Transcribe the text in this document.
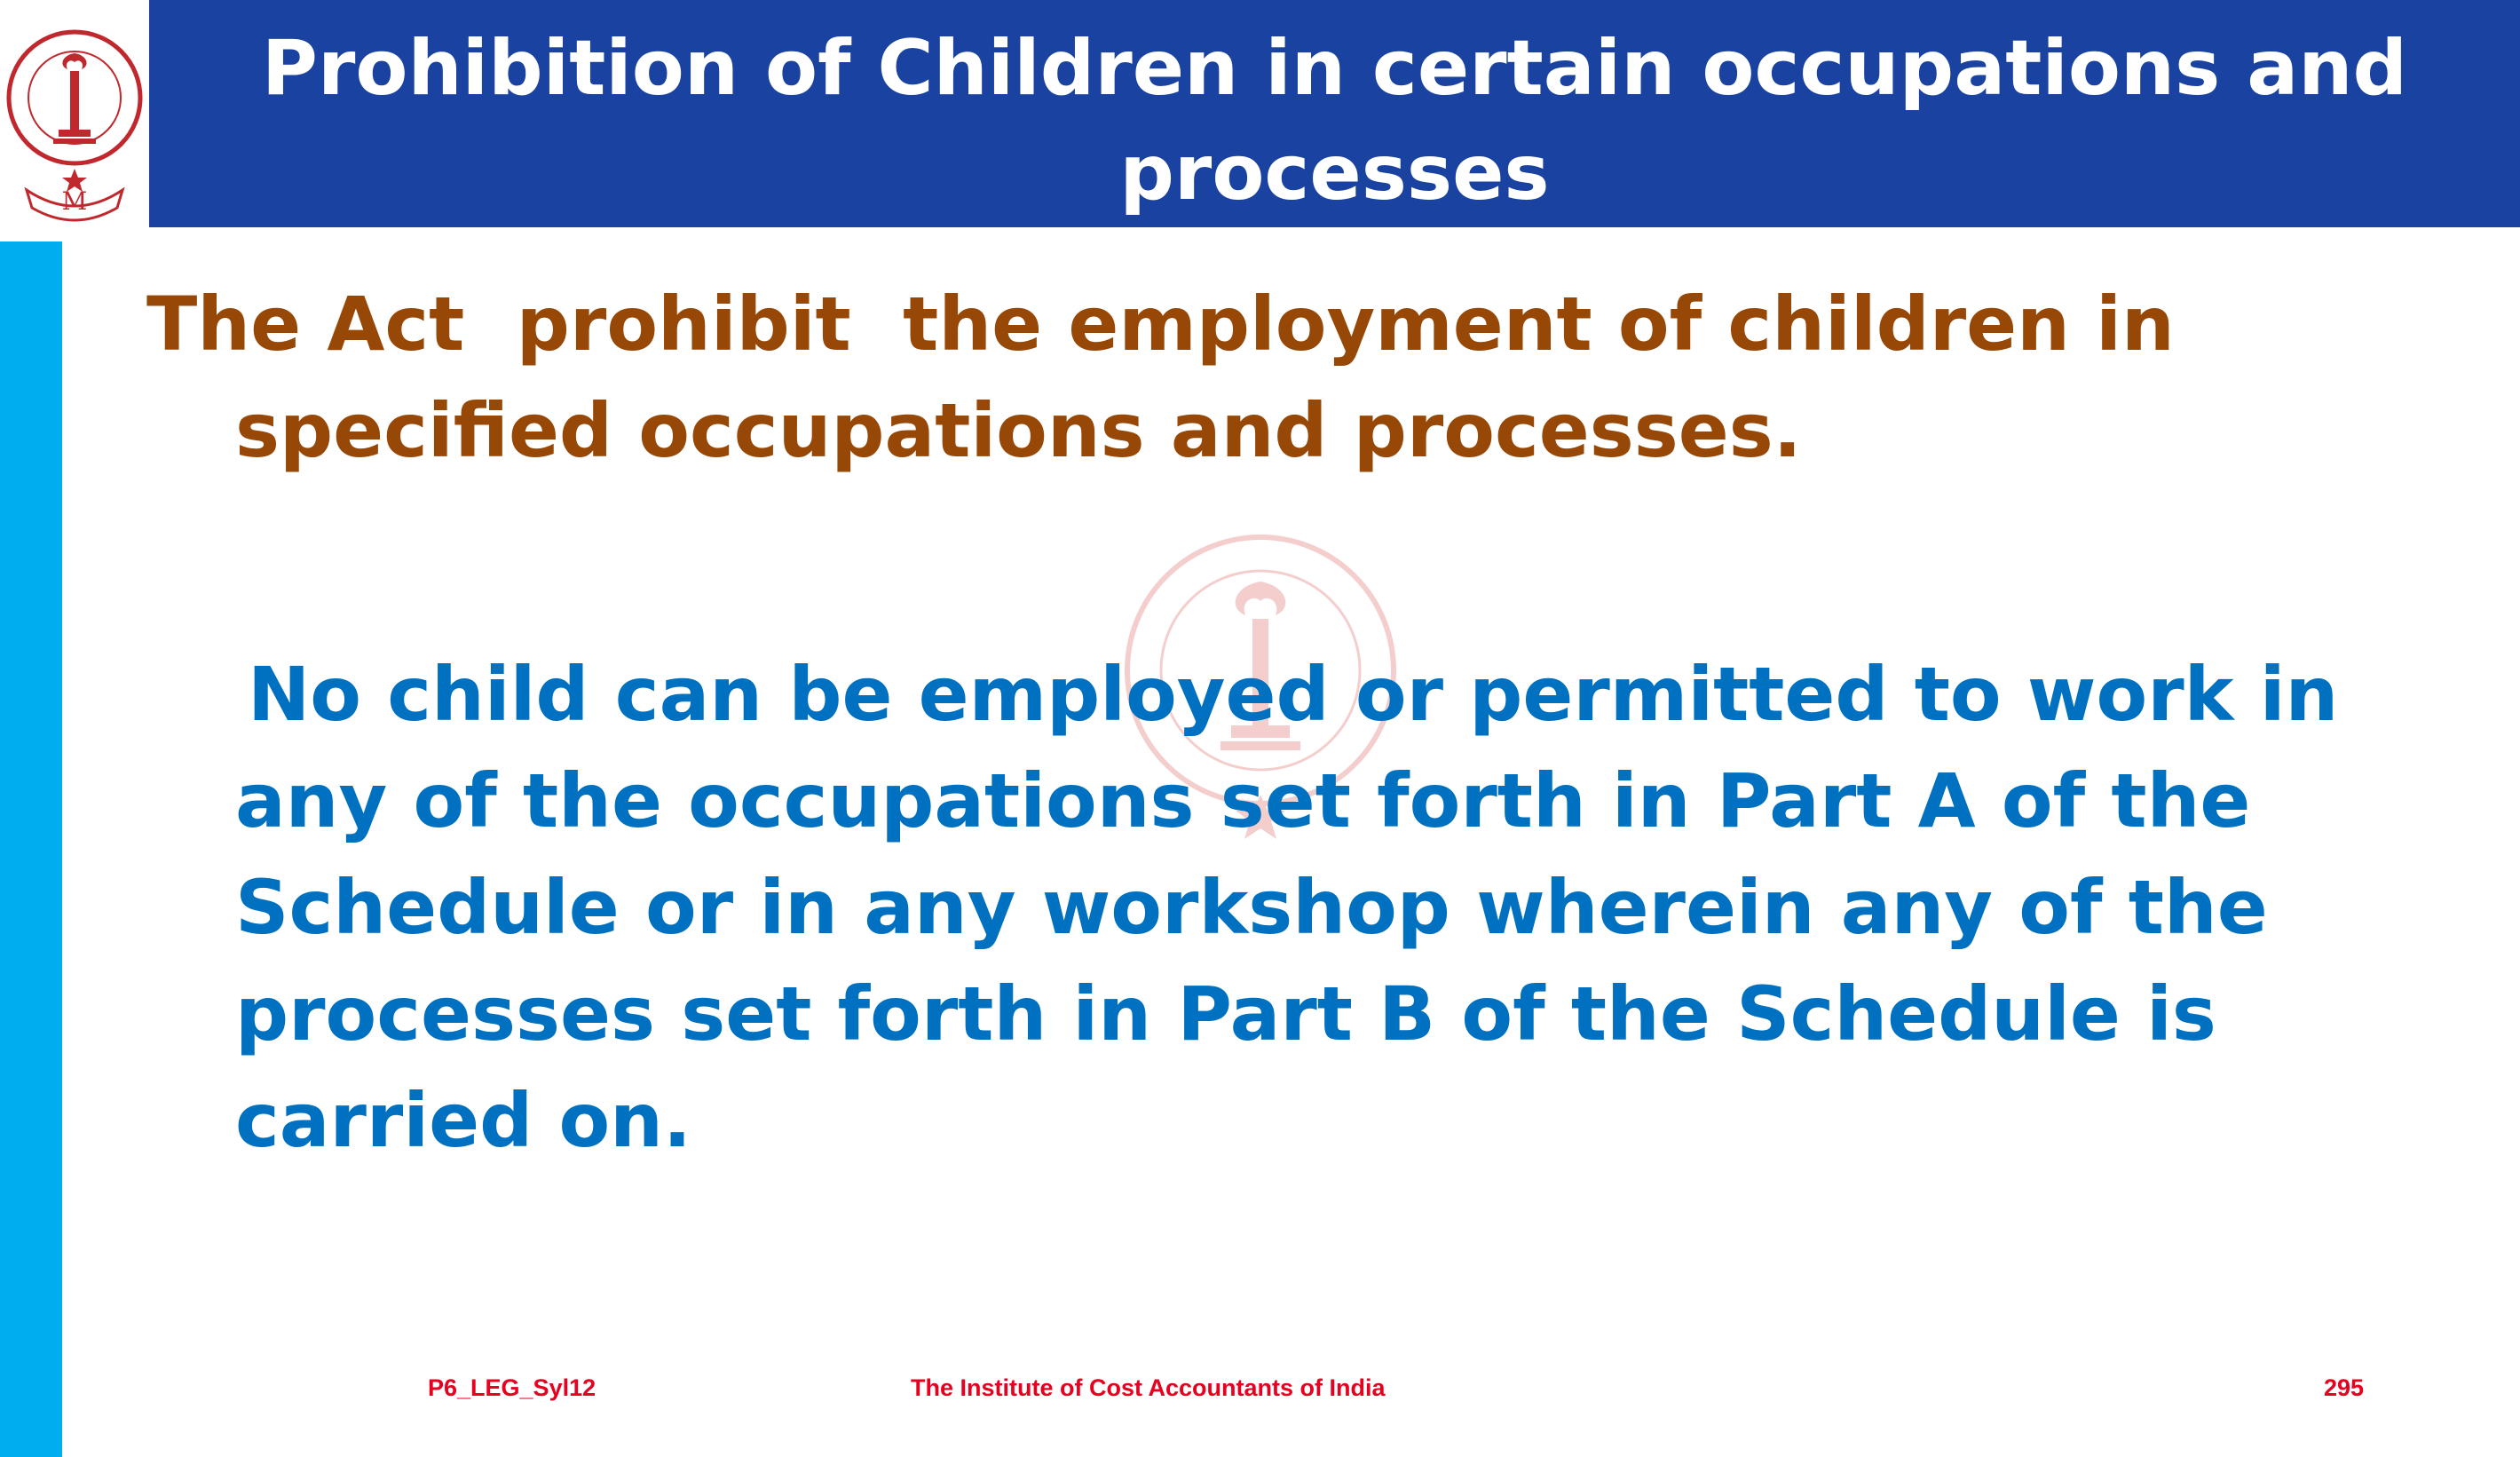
M
Prohibition of Children in certain occupations and
processes
The Act  prohibit  the employment of children in
specified occupations and processes.
No child can be employed or permitted to work in
any of the occupations set forth in Part A of the
Schedule or in any workshop wherein any of the
processes set forth in Part B of the Schedule is
carried on.
P6_LEG_Syl12	The Institute of Cost Accountants of India	295
